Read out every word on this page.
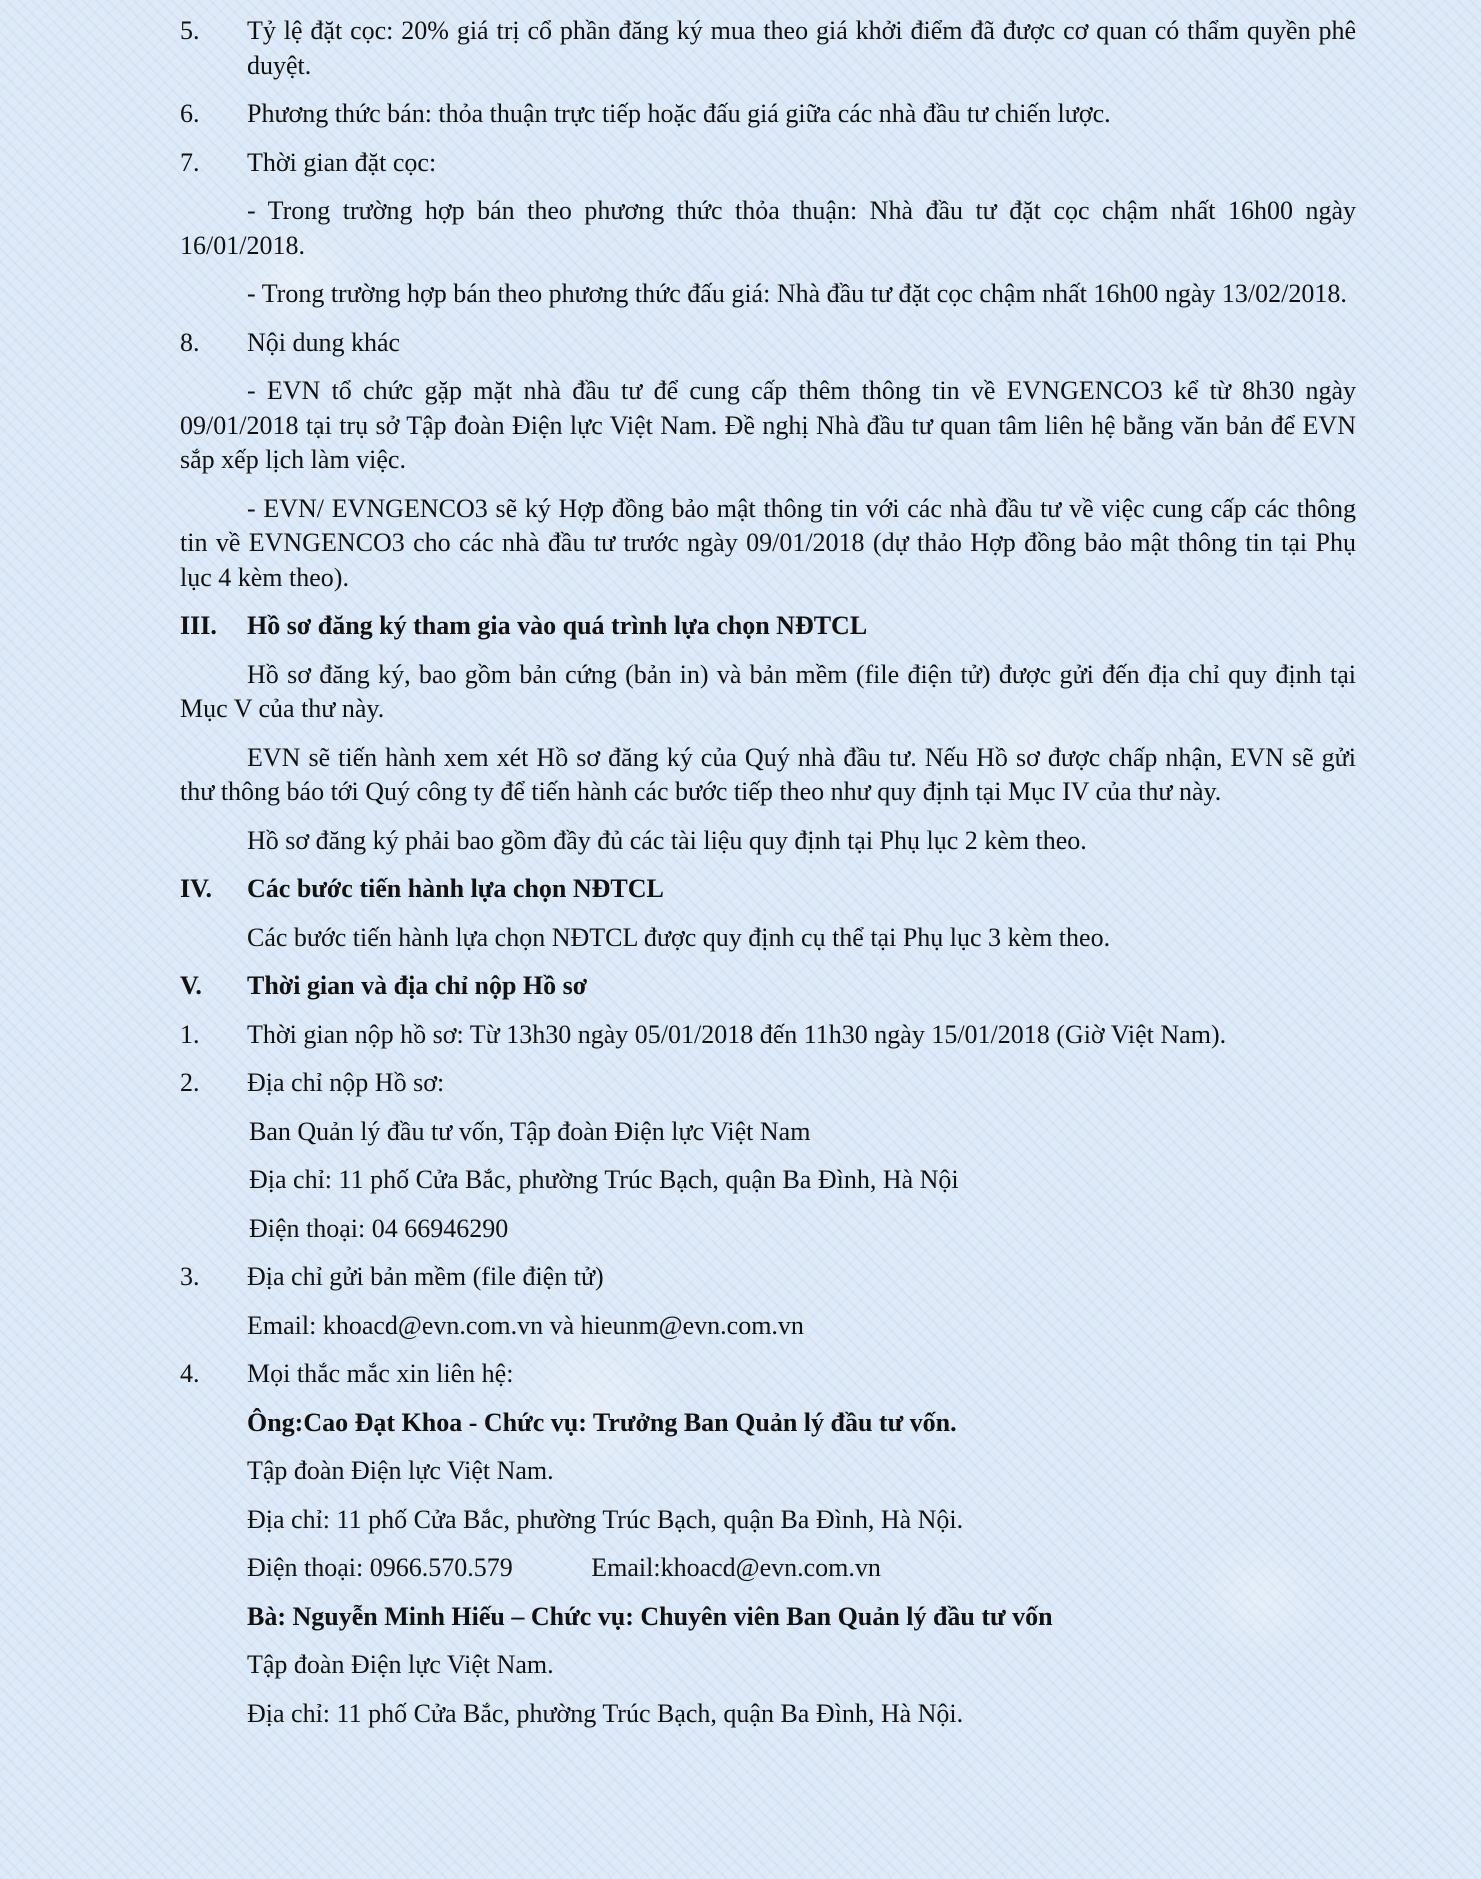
5.	Tỷ lệ đặt cọc: 20% giá trị cổ phần đăng ký mua theo giá khởi điểm đã được cơ quan có thẩm quyền phê duyệt.
6.	Phương thức bán: thỏa thuận trực tiếp hoặc đấu giá giữa các nhà đầu tư chiến lược.
7.	Thời gian đặt cọc:
- Trong trường hợp bán theo phương thức thỏa thuận: Nhà đầu tư đặt cọc chậm nhất 16h00 ngày 16/01/2018.
- Trong trường hợp bán theo phương thức đấu giá: Nhà đầu tư đặt cọc chậm nhất 16h00 ngày 13/02/2018.
8.	Nội dung khác
- EVN tổ chức gặp mặt nhà đầu tư để cung cấp thêm thông tin về EVNGENCO3 kể từ 8h30 ngày 09/01/2018 tại trụ sở Tập đoàn Điện lực Việt Nam. Đề nghị Nhà đầu tư quan tâm liên hệ bằng văn bản để EVN sắp xếp lịch làm việc.
- EVN/ EVNGENCO3 sẽ ký Hợp đồng bảo mật thông tin với các nhà đầu tư về việc cung cấp các thông tin về EVNGENCO3 cho các nhà đầu tư trước ngày 09/01/2018 (dự thảo Hợp đồng bảo mật thông tin tại Phụ lục 4 kèm theo).
III.	Hồ sơ đăng ký tham gia vào quá trình lựa chọn NĐTCL
Hồ sơ đăng ký, bao gồm bản cứng (bản in) và bản mềm (file điện tử) được gửi đến địa chỉ quy định tại Mục V của thư này.
EVN sẽ tiến hành xem xét Hồ sơ đăng ký của Quý nhà đầu tư. Nếu Hồ sơ được chấp nhận, EVN sẽ gửi thư thông báo tới Quý công ty để tiến hành các bước tiếp theo như quy định tại Mục IV của thư này.
Hồ sơ đăng ký phải bao gồm đầy đủ các tài liệu quy định tại Phụ lục 2 kèm theo.
IV.	Các bước tiến hành lựa chọn NĐTCL
Các bước tiến hành lựa chọn NĐTCL được quy định cụ thể tại Phụ lục 3 kèm theo.
V.	Thời gian và địa chỉ nộp Hồ sơ
1.	Thời gian nộp hồ sơ: Từ 13h30 ngày 05/01/2018 đến 11h30 ngày 15/01/2018 (Giờ Việt Nam).
2.	Địa chỉ nộp Hồ sơ:
Ban Quản lý đầu tư vốn, Tập đoàn Điện lực Việt Nam
Địa chỉ: 11 phố Cửa Bắc, phường Trúc Bạch, quận Ba Đình, Hà Nội
Điện thoại: 04 66946290
3.	Địa chỉ gửi bản mềm (file điện tử)
Email: khoacd@evn.com.vn và hieunm@evn.com.vn
4.	Mọi thắc mắc xin liên hệ:
Ông:Cao Đạt Khoa - Chức vụ: Trưởng Ban Quản lý đầu tư vốn.
Tập đoàn Điện lực Việt Nam.
Địa chỉ: 11 phố Cửa Bắc, phường Trúc Bạch, quận Ba Đình, Hà Nội.
Điện thoại: 0966.570.579	Email:khoacd@evn.com.vn
Bà: Nguyễn Minh Hiếu – Chức vụ: Chuyên viên Ban Quản lý đầu tư vốn
Tập đoàn Điện lực Việt Nam.
Địa chỉ: 11 phố Cửa Bắc, phường Trúc Bạch, quận Ba Đình, Hà Nội.
